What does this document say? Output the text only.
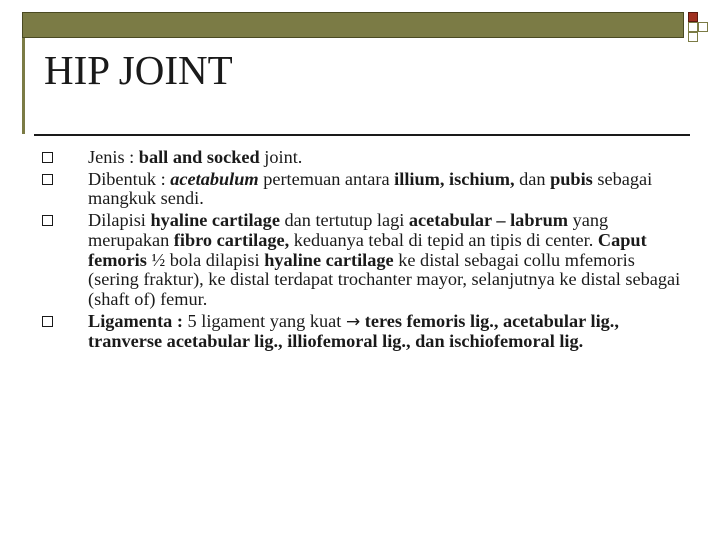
HIP JOINT
Jenis : ball and socked joint.
Dibentuk : acetabulum pertemuan antara illium, ischium, dan pubis sebagai mangkuk sendi.
Dilapisi hyaline cartilage dan tertutup lagi acetabular – labrum yang merupakan fibro cartilage, keduanya tebal di tepid an tipis di center. Caput femoris ½ bola dilapisi hyaline cartilage ke distal sebagai collu mfemoris (sering fraktur), ke distal terdapat trochanter mayor, selanjutnya ke distal sebagai (shaft of) femur.
Ligamenta : 5 ligament yang kuat → teres femoris lig., acetabular lig., tranverse acetabular lig., illiofemoral lig., dan ischiofemoral lig.
